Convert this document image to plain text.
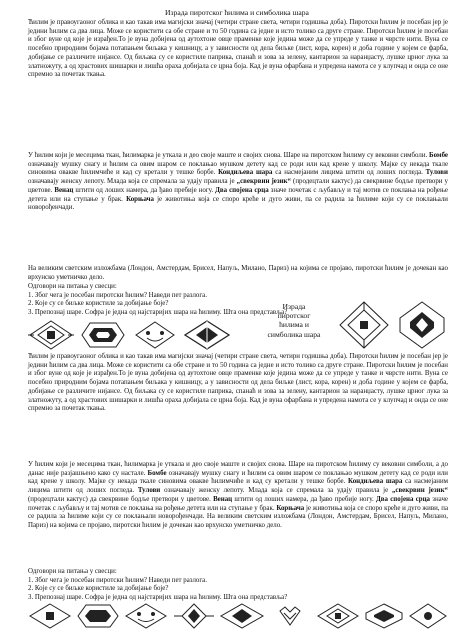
Израда пиротског ћилима и симболика шара

Ћилим је правоугаоног облика и као такав има магијски значај (четири стране света, четири годишња доба). Пиротски ћилим је посебан јер је једини ћилим са два лица. Може се користити са обе стране и то 50 година са једне и исто толико са друге стране. Пиротски ћилим је посебан и због вуне од које је израђен.То је вуна добијена од аутохтоне овце праменке које једина може да се упреде у танке и чврсте нити. Вуна се посебно природним бојама потапањем биљака у кишницу, а у зависности од дела биљке (лист, кора, корен) и доба године у којем се фарба, добијање се различите нијансе. Од биљака су се користиле паприка, спанаћ и зова за зелену, кантарион за наранџасту, лушке црног лука за златножуту, а од храстових шишарки и лишћа ораха добијала се црна боја. Кад је вуна офарбана и упредена намота се у клупчад и онда се оне спремно за почетак ткања.

У ћилим који је месецима ткан, ћилимарка је уткала и део своје маште и својих снова. Шаре на пиротском ћилиму су вековни симболи. Бомбе означавају мушку снагу и ћилим са овим шаром се поклањао мушком детету кад се роди или кад крене у школу. Мајке су некада ткале синовима овакве ћилимчиће и кад су кретали у тешке борбе. Кондиљева шара са насмејаним лицима штити од лоших погледа. Тулови означавају женску лепоту. Млада која се спремала за удају правила је „свекрвин језик“ (продецтали кактус) да свекрвине бодље претвори у цветове. Венац штити од лоших намера, да ђаво пребије ногу. Два спојена срца значе почетак с љубављу и тај мотив се поклања на рођење детета или на ступање у брак. Корњача је животиња која се споро креће и дуго живи, па се радила за ћилиме који су се поклањали новорођенчади.

На великим светским изложбама (Лондон, Амстердам, Брисел, Напуљ, Милано, Париз) на којима се пројаво, пиротски ћилим је дочекан као врхунско уметничко дело.

Одговори на питања у свесци:
1. Због чега је посебан пиротски ћилим? Наведи пет разлога.
2. Које су се биљке користиле за добијање боје?
3. Препознај шаре. Софра је једна од најстаријих шара на ћилиму. Шта она представља?
Израда
пиротског
ћилима и
симболика шара

Ћилим је правоугаоног облика и као такав има магијски значај (четири стране света, четири годишња доба). Пиротски ћилим је посебан јер је једини ћилим са два лица. Може се користити са обе стране и то 50 година са једне и исто толико са друге стране. Пиротски ћилим је посебан и због вуне од које је израђен.То је вуна добијена од аутохтоне овце праменке које једина може да се упреде у танке и чврсте нити. Вуна се посебно природним бојама потапањем биљака у кишницу, а у зависности од дела биљке (лист, кора, корен) и доба године у којем се фарба, добијање се различите нијансе. Од биљака су се користиле паприка, спанаћ и зова за зелену, кантарион за наранџасту, лушке црног лука за златножуту, а од храстових шишарки и лишћа ораха добијала се црна боја. Кад је вуна офарбана и упредена намота се у клупчад и онда се оне спремно за почетак ткања.

У ћилим који је месецима ткан, ћилимарка је уткала и део своје маште и својих снова. Шаре на пиротском ћилиму су вековни симболи, а до данас није разјашњено како су настале. Бомбе означавају мушку снагу и ћилим са овим шаром се поклањао мушком детету кад се роди или кад крене у школу. Мајке су некада ткале синовима овакве ћилимчиће и кад су кретали у тешке борбе. Кондиљева шара са насмејаним лицима штити од лоших погледа. Тулови означавају женску лепоту. Млада која се спремала за удају правила је „свекрвин језик“ (продецтали кактус) да свекрвине бодље претвори у цветове. Венац штити од лоших намера, да ђаво пребије ногу. Два спојена срца значе почетак с љубављу и тај мотив се поклања на рођење детета или на ступање у брак. Корњача је животиња која се споро креће и дуго живи, па се радила за ћилиме који су се поклањали новорођенчади. На великим светским изложбама (Лондон, Амстердам, Брисел, Напуљ, Милано, Париз) на којима се пројаво, пиротски ћилим је дочекан као врхунско уметничко дело.

Одговори на питања у свесци:
1. Због чега је посебан пиротски ћилим? Наведи пет разлога.
2. Које су се биљке користиле за добијање боје?
3. Препознај шаре. Софра је једна од најстаријих шара на ћилиму. Шта она представља?
